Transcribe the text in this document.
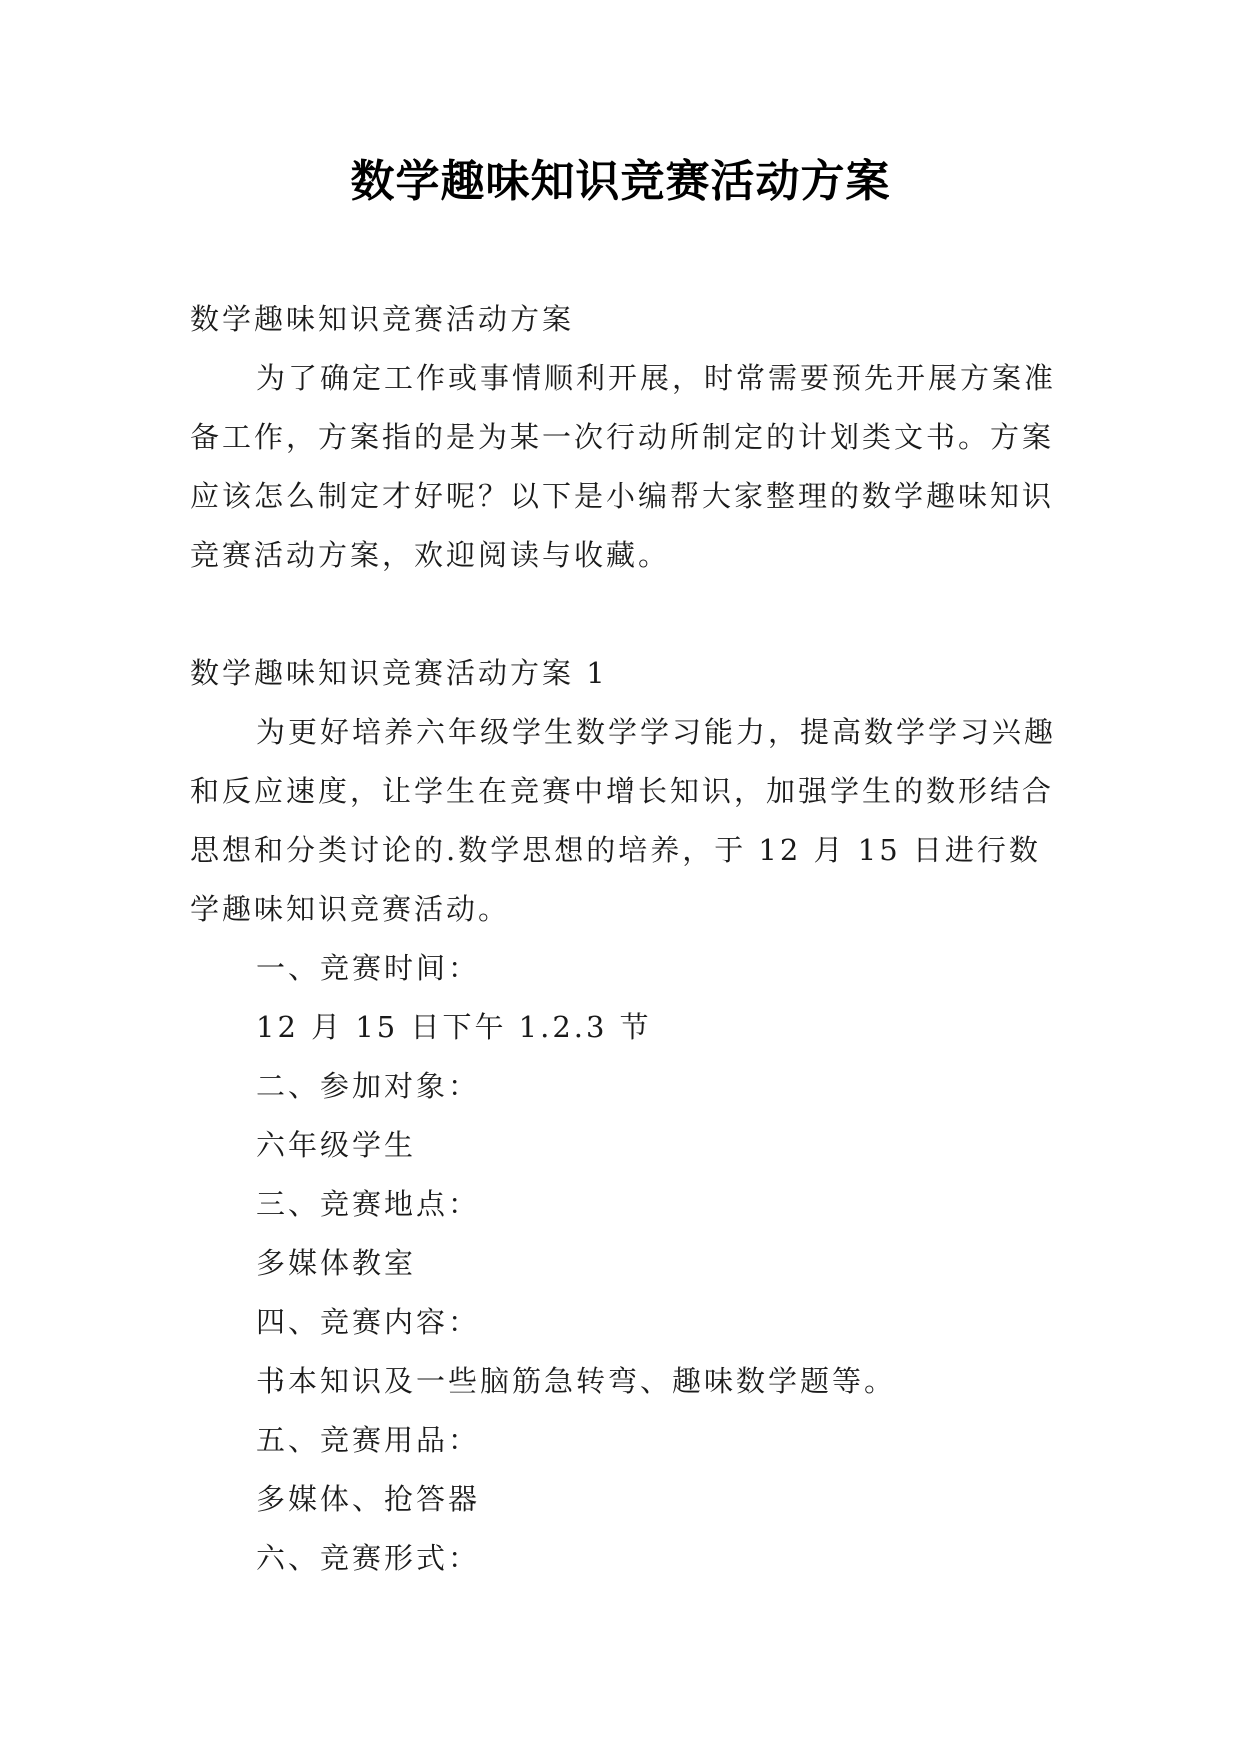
数学趣味知识竞赛活动方案

数学趣味知识竞赛活动方案

为了确定工作或事情顺利开展，时常需要预先开展方案准备工作，方案指的是为某一次行动所制定的计划类文书。方案应该怎么制定才好呢？以下是小编帮大家整理的数学趣味知识竞赛活动方案，欢迎阅读与收藏。

数学趣味知识竞赛活动方案 1

为更好培养六年级学生数学学习能力，提高数学学习兴趣和反应速度，让学生在竞赛中增长知识，加强学生的数形结合思想和分类讨论的.数学思想的培养，于 12 月 15 日进行数学趣味知识竞赛活动。

一、竞赛时间：

12 月 15 日下午 1.2.3 节

二、参加对象：

六年级学生

三、竞赛地点：

多媒体教室

四、竞赛内容：

书本知识及一些脑筋急转弯、趣味数学题等。

五、竞赛用品：

多媒体、抢答器

六、竞赛形式：
